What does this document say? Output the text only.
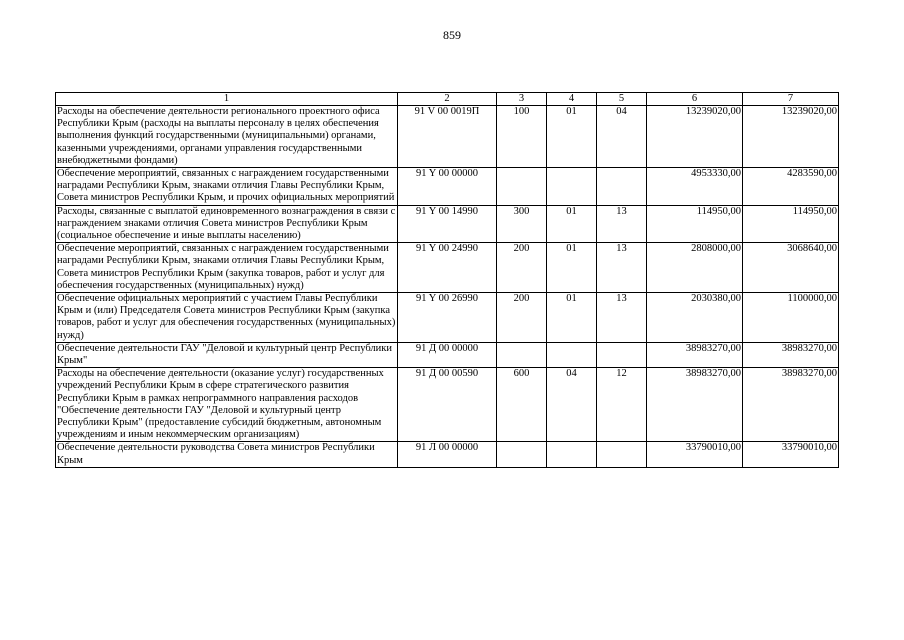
859
1	2	3	4	5	6	7
Расходы на обеспечение деятельности регионального проектного офиса Республики Крым (расходы на выплаты персоналу в целях обеспечения выполнения функций государственными (муниципальными) органами, казенными учреждениями, органами управления государственными внебюджетными фондами)	91 V 00 0019П	100	01	04	13239020,00	13239020,00
Обеспечение мероприятий, связанных с награждением государственными наградами Республики Крым, знаками отличия Главы Республики Крым, Совета министров Республики Крым, и прочих официальных мероприятий	91 Y 00 00000				4953330,00	4283590,00
Расходы, связанные с выплатой единовременного вознаграждения в связи с награждением знаками отличия Совета министров Республики Крым (социальное обеспечение и иные выплаты населению)	91 Y 00 14990	300	01	13	114950,00	114950,00
Обеспечение мероприятий, связанных с награждением государственными наградами Республики Крым, знаками отличия Главы Республики Крым, Совета министров Республики Крым (закупка товаров, работ и услуг для обеспечения государственных (муниципальных) нужд)	91 Y 00 24990	200	01	13	2808000,00	3068640,00
Обеспечение официальных мероприятий с участием Главы Республики Крым и (или) Председателя Совета министров Республики Крым (закупка товаров, работ и услуг для обеспечения государственных (муниципальных) нужд)	91 Y 00 26990	200	01	13	2030380,00	1100000,00
Обеспечение деятельности ГАУ "Деловой и культурный центр Республики Крым"	91 Д 00 00000				38983270,00	38983270,00
Расходы на обеспечение деятельности (оказание услуг) государственных учреждений Республики Крым в сфере стратегического развития Республики Крым в рамках непрограммного направления расходов "Обеспечение деятельности ГАУ "Деловой и культурный центр Республики Крым" (предоставление субсидий бюджетным, автономным учреждениям и иным некоммерческим организациям)	91 Д 00 00590	600	04	12	38983270,00	38983270,00
Обеспечение деятельности руководства Совета министров Республики Крым	91 Л 00 00000				33790010,00	33790010,00
